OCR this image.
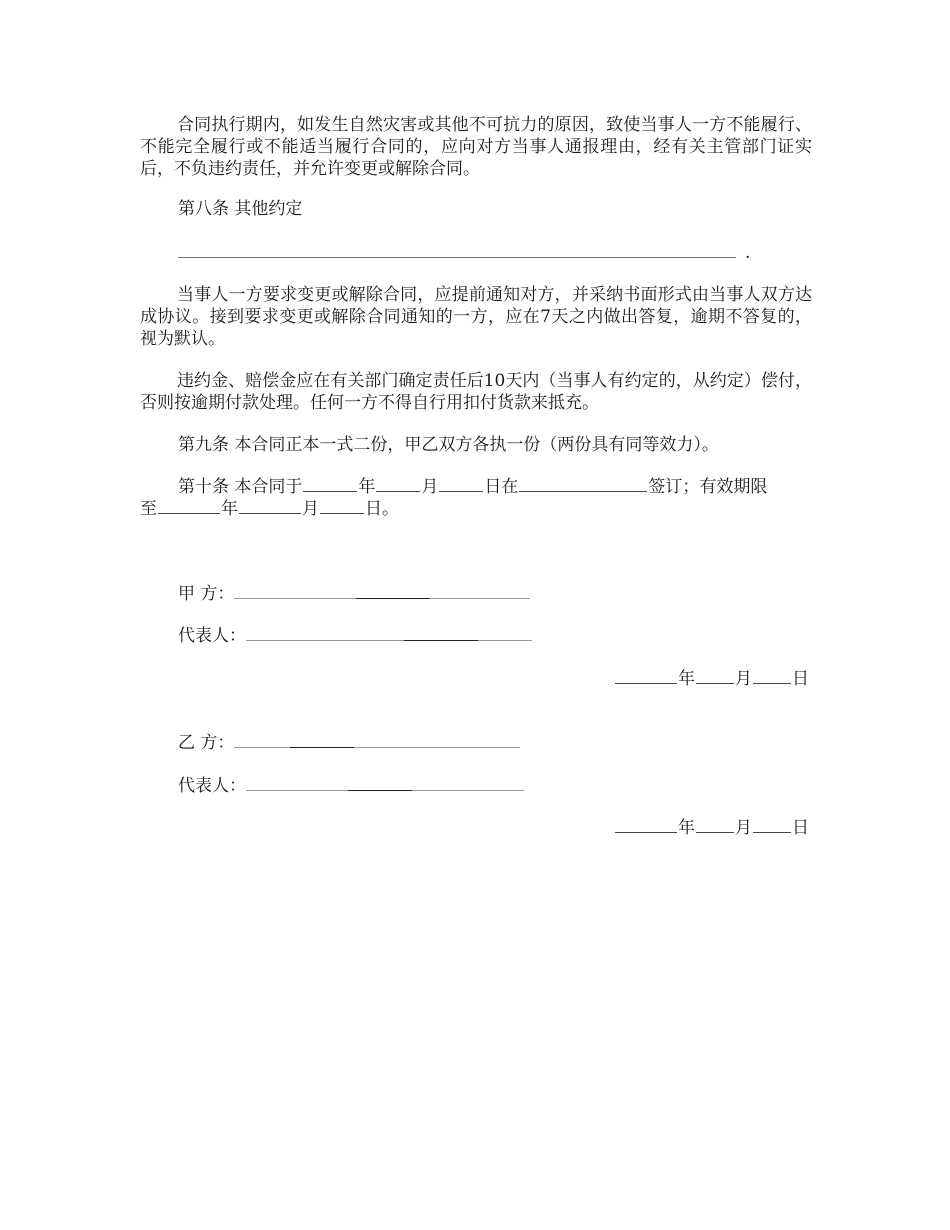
合同执行期内，如发生自然灾害或其他不可抗力的原因，致使当事人一方不能履行、不能完全履行或不能适当履行合同的，应向对方当事人通报理由，经有关主管部门证实后，不负违约责任，并允许变更或解除合同。

第八条 其他约定

.

当事人一方要求变更或解除合同，应提前通知对方，并采纳书面形式由当事人双方达成协议。接到要求变更或解除合同通知的一方，应在7天之内做出答复，逾期不答复的，视为默认。

违约金、赔偿金应在有关部门确定责任后10天内（当事人有约定的，从约定）偿付，否则按逾期付款处理。任何一方不得自行用扣付货款来抵充。

第九条 本合同正本一式二份，甲乙双方各执一份（两份具有同等效力）。

第十条 本合同于	年	月	日在	签订；有效期限
至	年	月	日。
甲 方：
代表人：
年 月 日
乙 方：
代表人：
年 月 日
